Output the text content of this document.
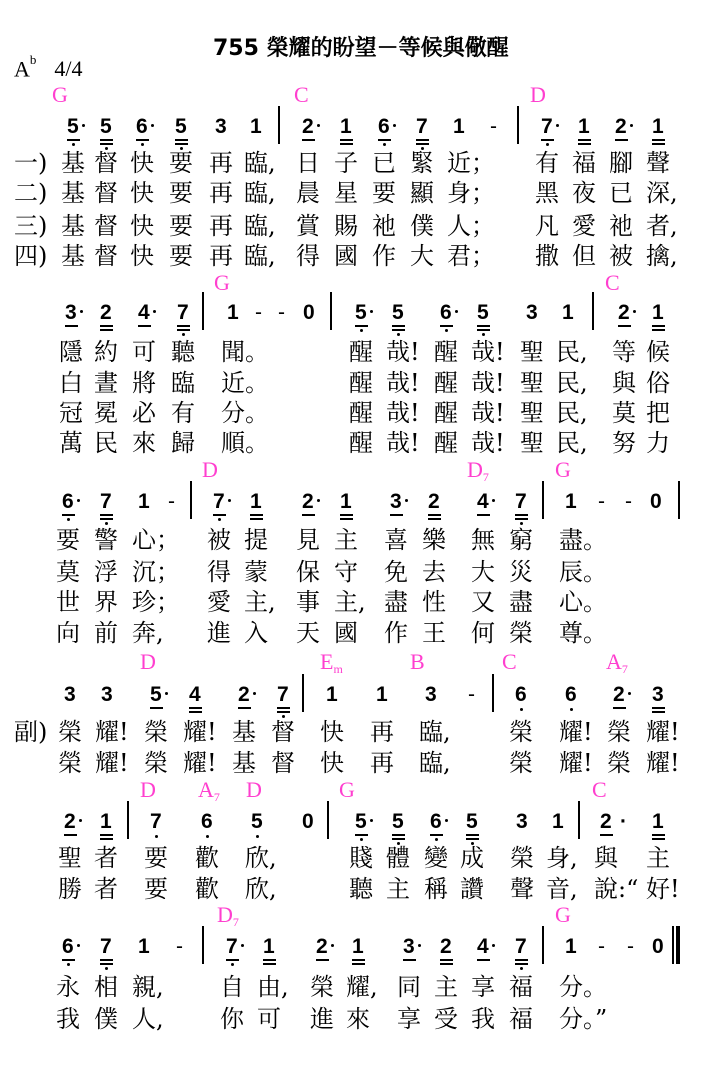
755 榮耀的盼望－等候與儆醒
$A^b$ 4/4
G	C	D
5 5 6 5 3 1 2 1 6 7 1 - 7 1 2 1
一) 基 督 快 要 再 臨, 日 子 已 緊 近； 有 福 腳 聲
二) 基 督 快 要 再 臨, 晨 星 要 顯 身； 黑 夜 已 深,
三) 基 督 快 要 再 臨, 賞 賜 祂 僕 人； 凡 愛 祂 者,
四) 基 督 快 要 再 臨, 得 國 作 大 君； 撒 但 被 擒,
G	C
3 2 4 7 1 - - 0 5 5 6 5 3 1 2 1
隱 約 可 聽 聞。	醒 哉! 醒 哉! 聖 民, 等 候
白 晝 將 臨 近。	醒 哉! 醒 哉! 聖 民, 與 俗
冠 冕 必 有 分。	醒 哉! 醒 哉! 聖 民, 莫 把
萬 民 來 歸 順。	醒 哉! 醒 哉! 聖 民, 努 力
D	$D_7$	G
6 7 1 - 7 1 2 1 3 2 4 7 1 - - 0
要 警 心； 被 提 見 主 喜 樂 無 窮 盡。
莫 浮 沉； 得 蒙 保 守 免 去 大 災 辰。
世 界 珍； 愛 主, 事 主, 盡 性 又 盡 心。
向 前 奔, 進 入 天 國 作 王 何 榮 尊。
D	$E_m$	B	C	$A_7$
3 3 5 4 2 7 1 1 3 - 6 6 2 3
副) 榮 耀! 榮 耀! 基 督 快 再 臨, 榮 耀! 榮 耀!
榮 耀! 榮 耀! 基 督 快 再 臨, 榮 耀! 榮 耀!
D $A_7$ D	G	C
2 1 7 6 5 0 5 5 6 5 3 1 2 · 1
聖 者 要 歡 欣,	賤 體 變 成 榮 身, 與 主
勝 者 要 歡 欣,	聽 主 稱 讚 聲 音, 說:“ 好!
$D_7$	G
6 7 1 - 7 1 2 1 3 2 4 7 1 - - 0
永 相 親, 自 由, 榮 耀, 同 主 享 福 分。
我 僕 人, 你 可 進 來 享 受 我 福 分。”
